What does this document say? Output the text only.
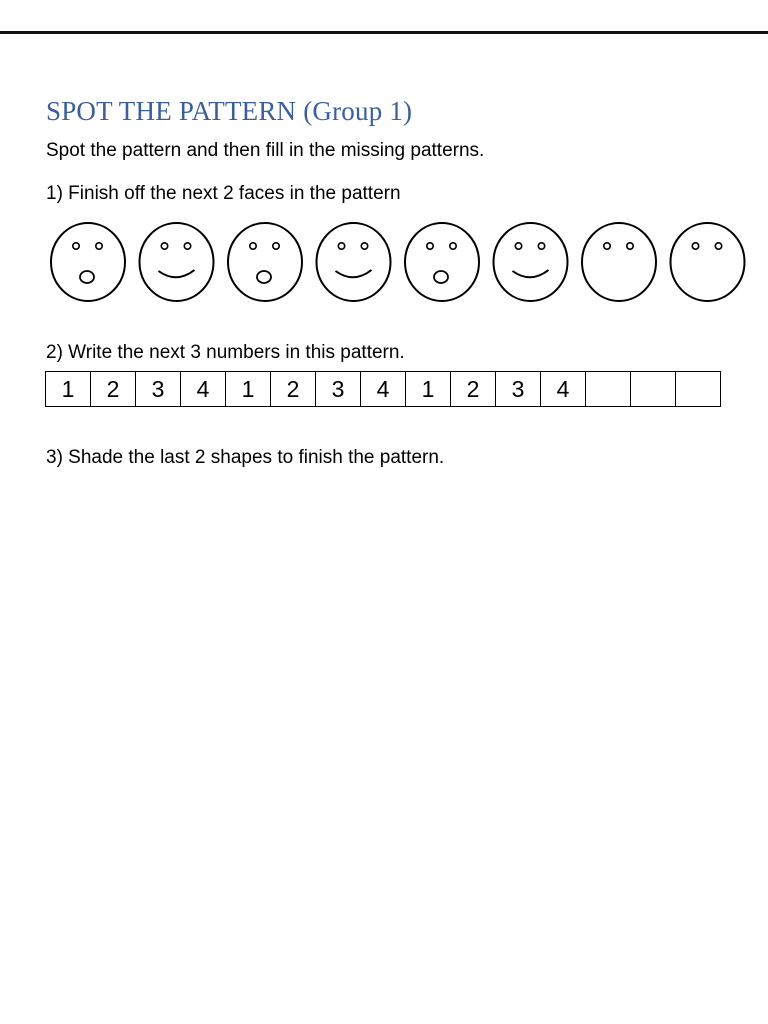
SPOT THE PATTERN (Group 1)
Spot the pattern and then fill in the missing patterns.
1) Finish off the next 2 faces in the pattern
2) Write the next 3 numbers in this pattern.
1	2	3	4	1	2	3	4	1	2	3	4			
3) Shade the last 2 shapes to finish the pattern.
